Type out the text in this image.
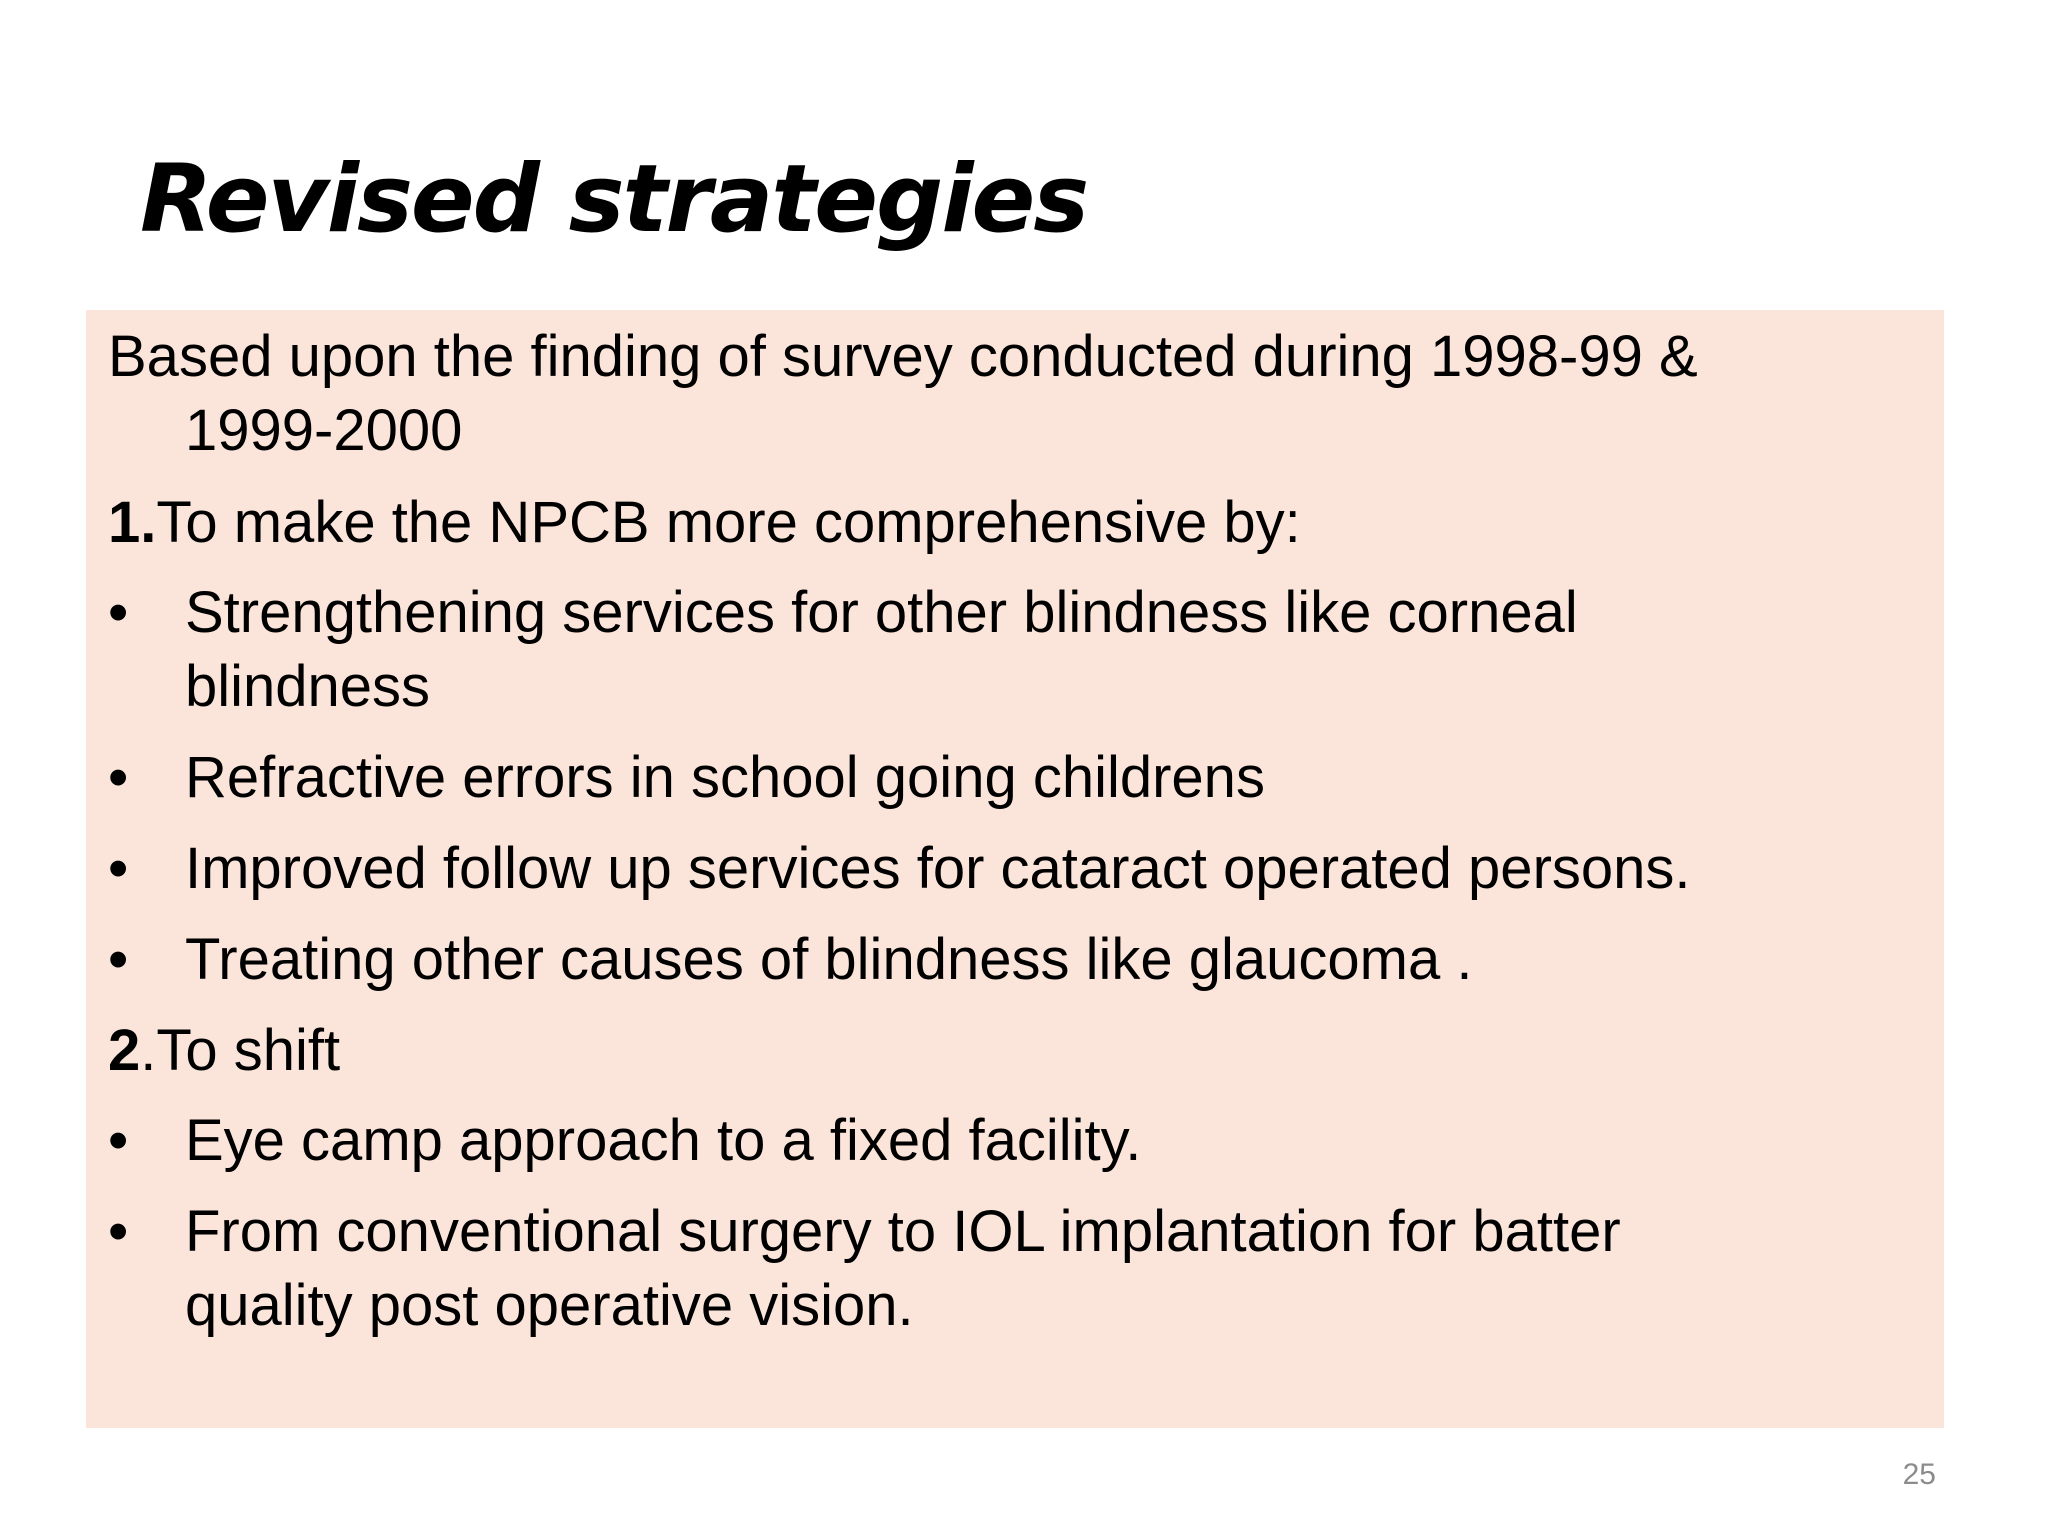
Revised strategies
Based upon the finding of survey conducted during 1998-99 &
1999-2000
1.To make the NPCB more comprehensive by:
• Strengthening services for other blindness like corneal
blindness
• Refractive errors in school going childrens
• Improved follow up services for cataract operated persons.
• Treating other causes of blindness like glaucoma .
2.To shift
• Eye camp approach to a fixed facility.
• From conventional surgery to IOL implantation for batter
quality post operative vision.
25
